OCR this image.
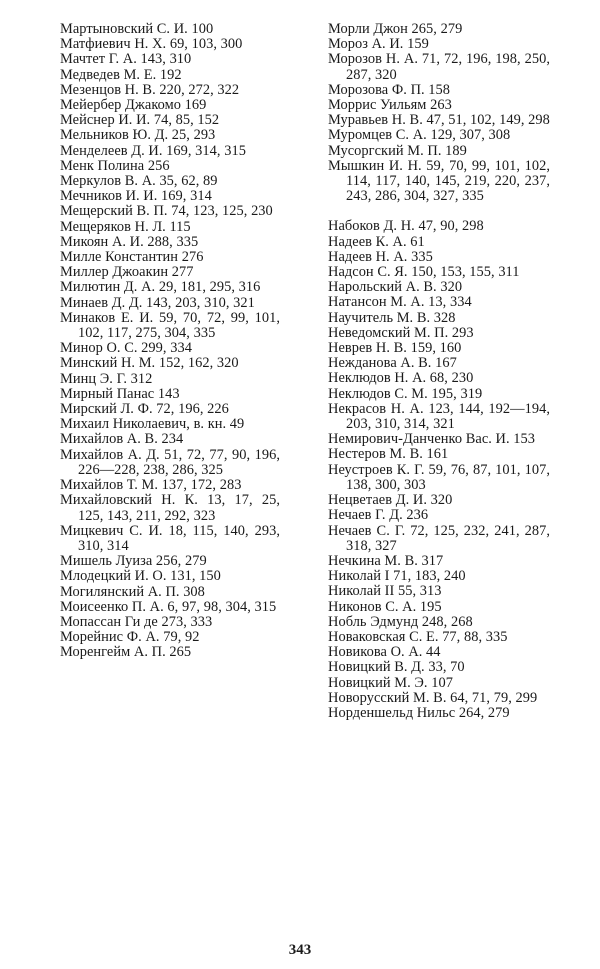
Мартыновский С. И. 100

Матфиевич Н. Х. 69, 103, 300

Мачтет Г. А. 143, 310

Медведев М. Е. 192

Мезенцов Н. В. 220, 272, 322

Мейербер Джакомо 169

Мейснер И. И. 74, 85, 152

Мельников Ю. Д. 25, 293

Менделеев Д. И. 169, 314, 315

Менк Полина 256

Меркулов В. А. 35, 62, 89

Мечников И. И. 169, 314

Мещерский В. П. 74, 123, 125, 230

Мещеряков Н. Л. 115

Микоян А. И. 288, 335

Милле Константин 276

Миллер Джоакин 277

Милютин Д. А. 29, 181, 295, 316

Минаев Д. Д. 143, 203, 310, 321

Минаков Е. И. 59, 70, 72, 99, 101, 102, 117, 275, 304, 335

Минор О. С. 299, 334

Минский Н. М. 152, 162, 320

Минц Э. Г. 312

Мирный Панас 143

Мирский Л. Ф. 72, 196, 226

Михаил Николаевич, в. кн. 49

Михайлов А. В. 234

Михайлов А. Д. 51, 72, 77, 90, 196, 226—228, 238, 286, 325

Михайлов Т. М. 137, 172, 283

Михайловский Н. К. 13, 17, 25, 125, 143, 211, 292, 323

Мицкевич С. И. 18, 115, 140, 293, 310, 314

Мишель Луиза 256, 279

Млодецкий И. О. 131, 150

Могилянский А. П. 308

Моисеенко П. А. 6, 97, 98, 304, 315

Мопассан Ги де 273, 333

Морейнис Ф. А. 79, 92

Моренгейм А. П. 265

Морли Джон 265, 279

Мороз А. И. 159

Морозов Н. А. 71, 72, 196, 198, 250, 287, 320

Морозова Ф. П. 158

Моррис Уильям 263

Муравьев Н. В. 47, 51, 102, 149, 298

Муромцев С. А. 129, 307, 308

Мусоргский М. П. 189

Мышкин И. Н. 59, 70, 99, 101, 102, 114, 117, 140, 145, 219, 220, 237, 243, 286, 304, 327, 335

Набоков Д. Н. 47, 90, 298

Надеев К. А. 61

Надеев Н. А. 335

Надсон С. Я. 150, 153, 155, 311

Нарольский А. В. 320

Натансон М. А. 13, 334

Научитель М. В. 328

Неведомский М. П. 293

Неврев Н. В. 159, 160

Нежданова А. В. 167

Неклюдов Н. А. 68, 230

Неклюдов С. М. 195, 319

Некрасов Н. А. 123, 144, 192—194, 203, 310, 314, 321

Немирович-Данченко Вас. И. 153

Нестеров М. В. 161

Неустроев К. Г. 59, 76, 87, 101, 107, 138, 300, 303

Нецветаев Д. И. 320

Нечаев Г. Д. 236

Нечаев С. Г. 72, 125, 232, 241, 287, 318, 327

Нечкина М. В. 317

Николай I 71, 183, 240

Николай II 55, 313

Никонов С. А. 195

Нобль Эдмунд 248, 268

Новаковская С. Е. 77, 88, 335

Новикова О. А. 44

Новицкий В. Д. 33, 70

Новицкий М. Э. 107

Новорусский М. В. 64, 71, 79, 299

Норденшельд Нильс 264, 279

343
